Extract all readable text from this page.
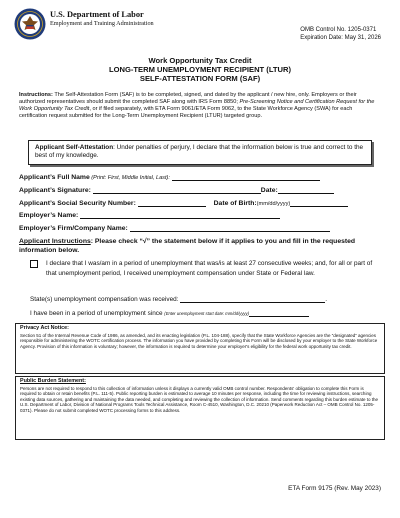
U.S. Department of Labor
Employment and Training Administration
OMB Control No. 1205-0371
Expiration Date: May 31, 2026
Work Opportunity Tax Credit
LONG-TERM UNEMPLOYMENT RECIPIENT (LTUR)
SELF-ATTESTATION FORM (SAF)
Instructions: The Self-Attestation Form (SAF) is to be completed, signed, and dated by the applicant / new hire, only. Employers or their authorized representatives should submit the completed SAF along with IRS Form 8850; Pre-Screening Notice and Certification Request for the Work Opportunity Tax Credit, or if filed separately, with ETA Form 9061/ETA Form 9062, to the State Workforce Agency (SWA) for each certification request submitted for the Long-Term Unemployment Recipient (LTUR) targeted group.
Applicant Self-Attestation: Under penalties of perjury, I declare that the information below is true and correct to the best of my knowledge.
Applicant’s Full Name (Print: First, Middle Initial, Last):
Applicant’s Signature:	Date:
Applicant’s Social Security Number:	Date of Birth:(mm/dd/yyyy)
Employer’s Name:
Employer’s Firm/Company Name:
Applicant Instructions: Please check “√” the statement below if it applies to you and fill in the requested information below.
I declare that I was/am in a period of unemployment that was/is at least 27 consecutive weeks; and, for all or part of that unemployment period, I received unemployment compensation under State or Federal law.
State(s) unemployment compensation was received:	.
I have been in a period of unemployment since (Enter unemployment start date: mm/dd/yyyy)
Privacy Act Notice:
Section 51 of the Internal Revenue Code of 1986, as amended, and its enacting legislation (P.L. 104-188), specify that the State Workforce Agencies are the “designated” agencies responsible for administering the WOTC certification process. The information you have provided by completing this Form will be disclosed by your employer to the State Workforce Agency. Provision of this information is voluntary; however, the information is required to determine your employer's eligibility for the federal work opportunity tax credit.
Public Burden Statement:
Persons are not required to respond to this collection of information unless it displays a currently valid OMB control number. Respondents' obligation to complete this Form is required to obtain or retain benefits (P.L. 111-5). Public reporting burden is estimated to average 10 minutes per response, including the time for reviewing instructions, searching existing data sources, gathering and maintaining the data needed, and completing and reviewing the collection of information. Send comments regarding this burden estimate to the U.S. Department of Labor, Division of National Programs Tools Technical Assistance, Room C-4510, Washington, D.C. 20210 (Paperwork Reduction Act – OMB Control No. 1205-0371). Please do not submit completed WOTC processing forms to this address.
ETA Form 9175 (Rev. May 2023)
